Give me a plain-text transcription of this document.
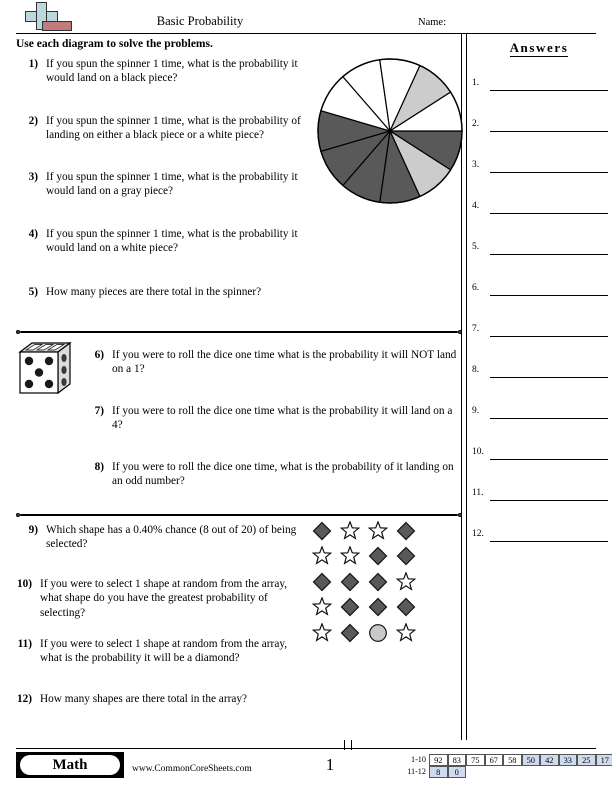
Basic Probability	Name:
Use each diagram to solve the problems.
1) If you spun the spinner 1 time, what is the probability it would land on a black piece?
2) If you spun the spinner 1 time, what is the probability of landing on either a black piece or a white piece?
3) If you spun the spinner 1 time, what is the probability it would land on a gray piece?
4) If you spun the spinner 1 time, what is the probability it would land on a white piece?
5) How many pieces are there total in the spinner?
6) If you were to roll the dice one time what is the probability it will NOT land on a 1?
7) If you were to roll the dice one time what is the probability it will land on a 4?
8) If you were to roll the dice one time, what is the probability of it landing on an odd number?
9) Which shape has a 0.40% chance (8 out of 20) of being selected?
10) If you were to select 1 shape at random from the array, what shape do you have the greatest probability of selecting?
11) If you were to select 1 shape at random from the array, what is the probability it will be a diamond?
12) How many shapes are there total in the array?
Answers
1.
2.
3.
4.
5.
6.
7.
8.
9.
10.
11.
12.
Math	www.CommonCoreSheets.com	1	1-10 92	83	75	67	58	50	42	33	25	17
11-12	8	0
